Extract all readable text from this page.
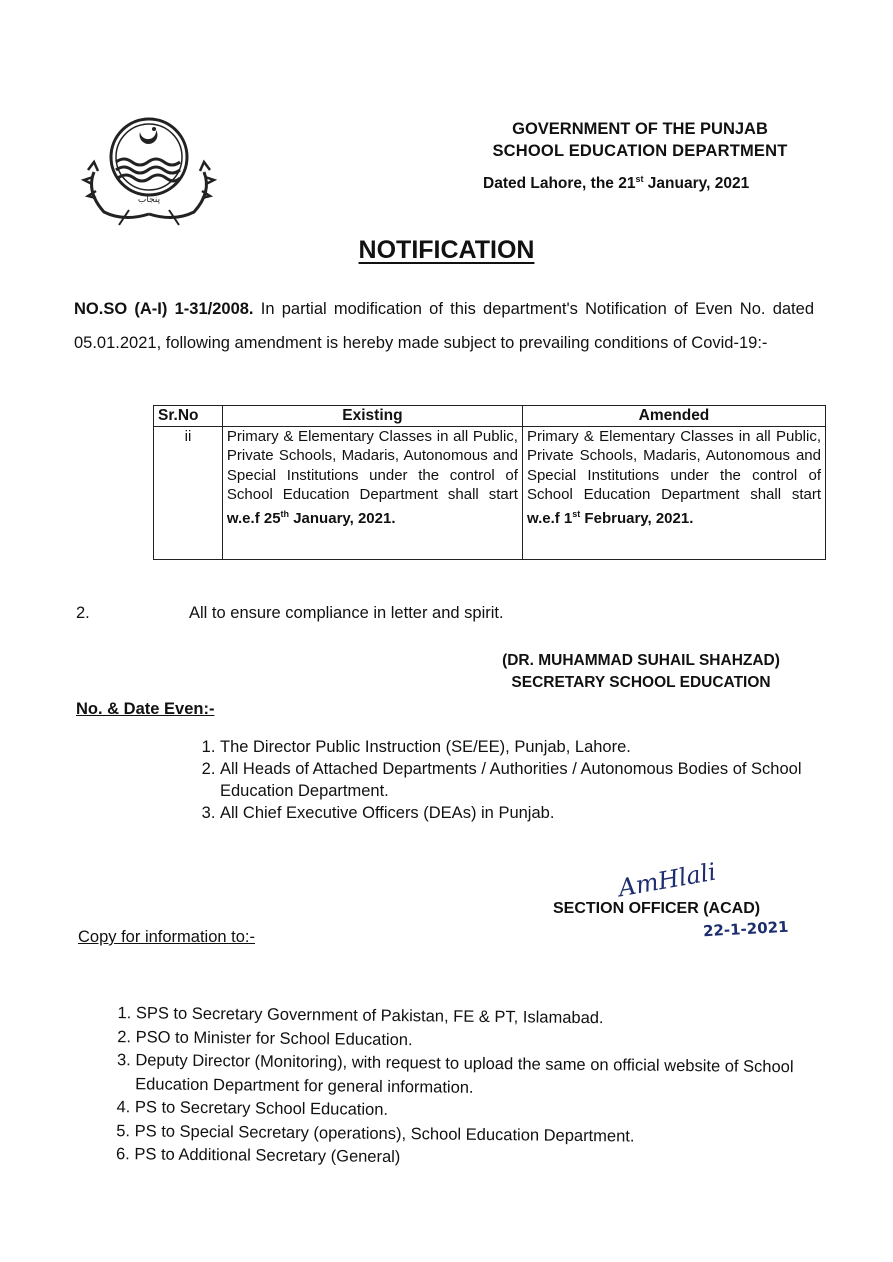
پنجاب
GOVERNMENT OF THE PUNJAB
SCHOOL EDUCATION DEPARTMENT
Dated Lahore, the 21st January, 2021
NOTIFICATION
NO.SO (A-I) 1-31/2008. In partial modification of this department's Notification of Even No. dated 05.01.2021, following amendment is hereby made subject to prevailing conditions of Covid-19:-
Sr.No	Existing	Amended
ii	Primary & Elementary Classes in all Public, Private Schools, Madaris, Autonomous and Special Institutions under the control of School Education Department shall start w.e.f 25th January, 2021.	Primary & Elementary Classes in all Public, Private Schools, Madaris, Autonomous and Special Institutions under the control of School Education Department shall start w.e.f 1st February, 2021.
2.	All to ensure compliance in letter and spirit.
(DR. MUHAMMAD SUHAIL SHAHZAD)
SECRETARY SCHOOL EDUCATION
No. & Date Even:-
1. The Director Public Instruction (SE/EE), Punjab, Lahore.
2. All Heads of Attached Departments / Authorities / Autonomous Bodies of School Education Department.
3. All Chief Executive Officers (DEAs) in Punjab.
AmHlali
SECTION OFFICER (ACAD)
22-1-2021
Copy for information to:-
1. SPS to Secretary Government of Pakistan, FE & PT, Islamabad.
2. PSO to Minister for School Education.
3. Deputy Director (Monitoring), with request to upload the same on official website of School Education Department for general information.
4. PS to Secretary School Education.
5. PS to Special Secretary (operations), School Education Department.
6. PS to Additional Secretary (General)
